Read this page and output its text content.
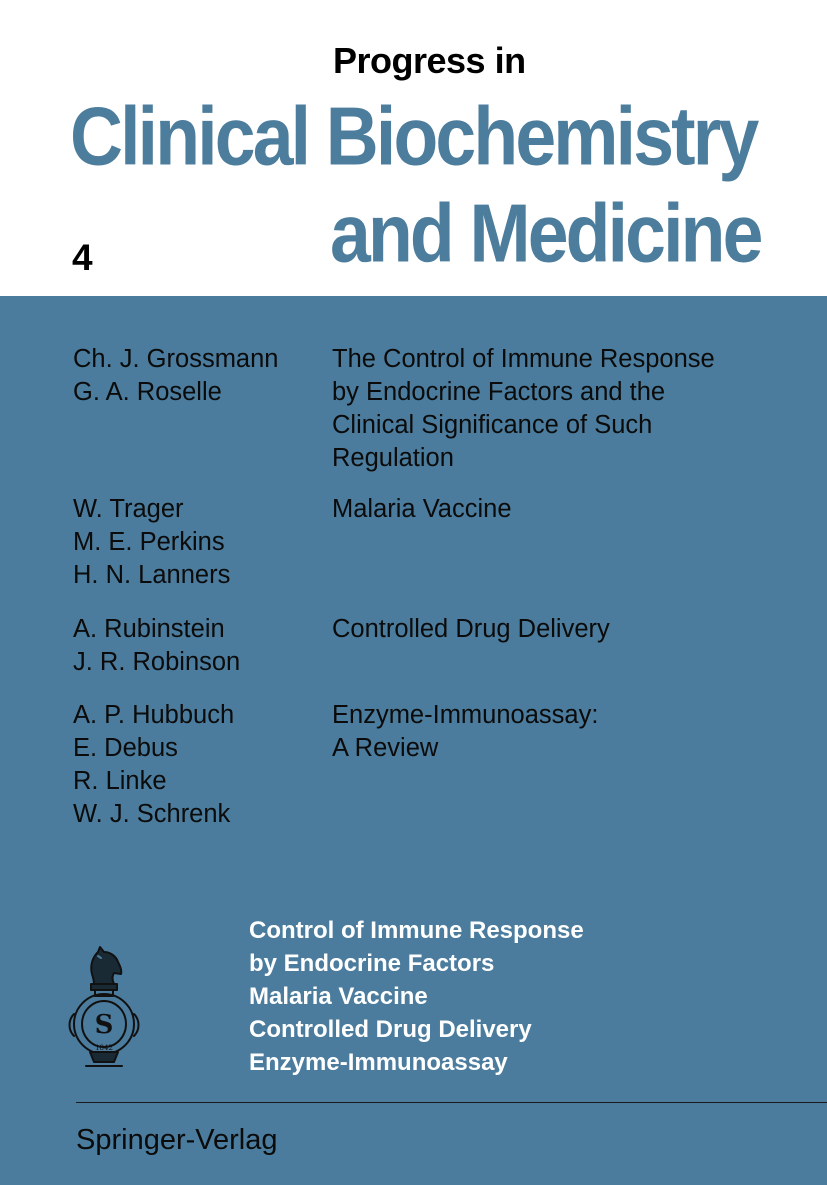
Progress in
Clinical Biochemistry
and Medicine
4
Ch. J. Grossmann
G. A. Roselle
The Control of Immune Response
by Endocrine Factors and the
Clinical Significance of Such
Regulation
W. Trager
M. E. Perkins
H. N. Lanners
Malaria Vaccine
A. Rubinstein
J. R. Robinson
Controlled Drug Delivery
A. P. Hubbuch
E. Debus
R. Linke
W. J. Schrenk
Enzyme-Immunoassay:
A Review
S
1842
Control of Immune Response
by Endocrine Factors
Malaria Vaccine
Controlled Drug Delivery
Enzyme-Immunoassay
Springer-Verlag
